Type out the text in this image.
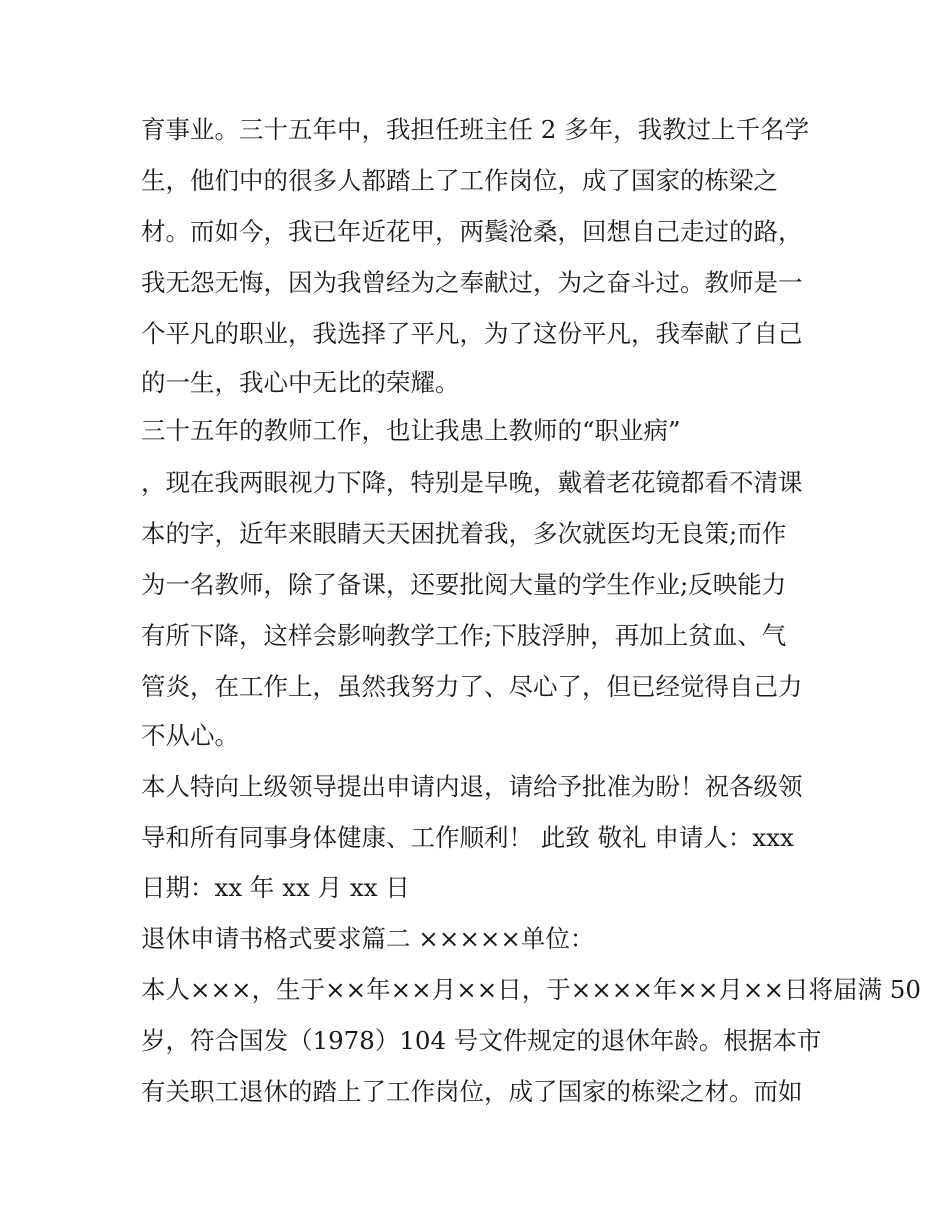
育事业。三十五年中，我担任班主任 2 多年，我教过上千名学
生，他们中的很多人都踏上了工作岗位，成了国家的栋梁之
材。而如今，我已年近花甲，两鬓沧桑，回想自己走过的路，
我无怨无悔，因为我曾经为之奉献过，为之奋斗过。教师是一
个平凡的职业，我选择了平凡，为了这份平凡，我奉献了自己
的一生，我心中无比的荣耀。
三十五年的教师工作，也让我患上教师的“职业病”
，现在我两眼视力下降，特别是早晚，戴着老花镜都看不清课
本的字，近年来眼睛天天困扰着我，多次就医均无良策;而作
为一名教师，除了备课，还要批阅大量的学生作业;反映能力
有所下降，这样会影响教学工作;下肢浮肿，再加上贫血、气
管炎，在工作上，虽然我努力了、尽心了，但已经觉得自己力
不从心。
本人特向上级领导提出申请内退，请给予批准为盼！祝各级领
导和所有同事身体健康、工作顺利！ 此致 敬礼 申请人：xxx
日期：xx 年 xx 月 xx 日
退休申请书格式要求篇二 ×××××单位：
本人×××，生于××年××月××日，于××××年××月××日将届满 50
岁，符合国发（1978）104 号文件规定的退休年龄。根据本市
有关职工退休的踏上了工作岗位，成了国家的栋梁之材。而如
